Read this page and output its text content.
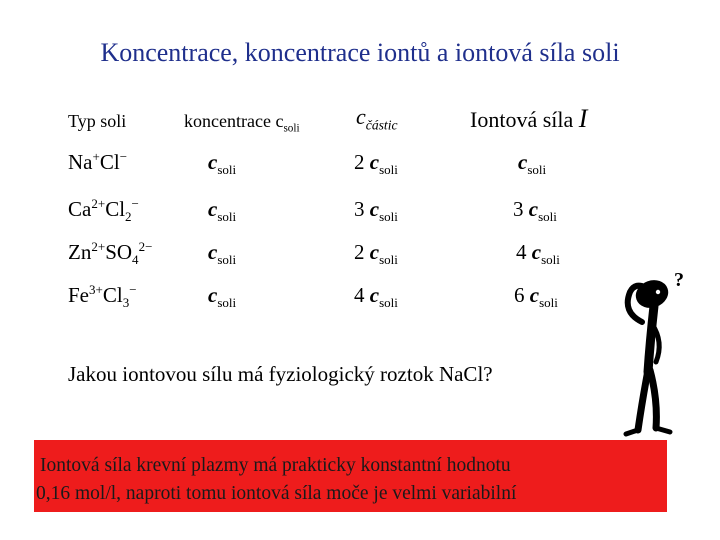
Koncentrace, koncentrace iontů a iontová síla soli
Typ soli	koncentrace $c_{soli}$	$c_{částic}$	Iontová síla I
Na+Cl−	$c_{soli}$	2 $c_{soli}$	$c_{soli}$
$Ca^{2+}Cl_2^-$	$c_{soli}$	3 $c_{soli}$	3 $c_{soli}$
$Zn^{2+}SO_4^{2-}$	$c_{soli}$	2 $c_{soli}$	4 $c_{soli}$
$Fe^{3+}Cl_3^-$	$c_{soli}$	4 $c_{soli}$	6 $c_{soli}$
Jakou iontovou sílu má fyziologický roztok NaCl?
Iontová síla krevní plazmy má prakticky konstantní hodnotu
0,16 mol/l, naproti tomu iontová síla moče je velmi variabilní
?
